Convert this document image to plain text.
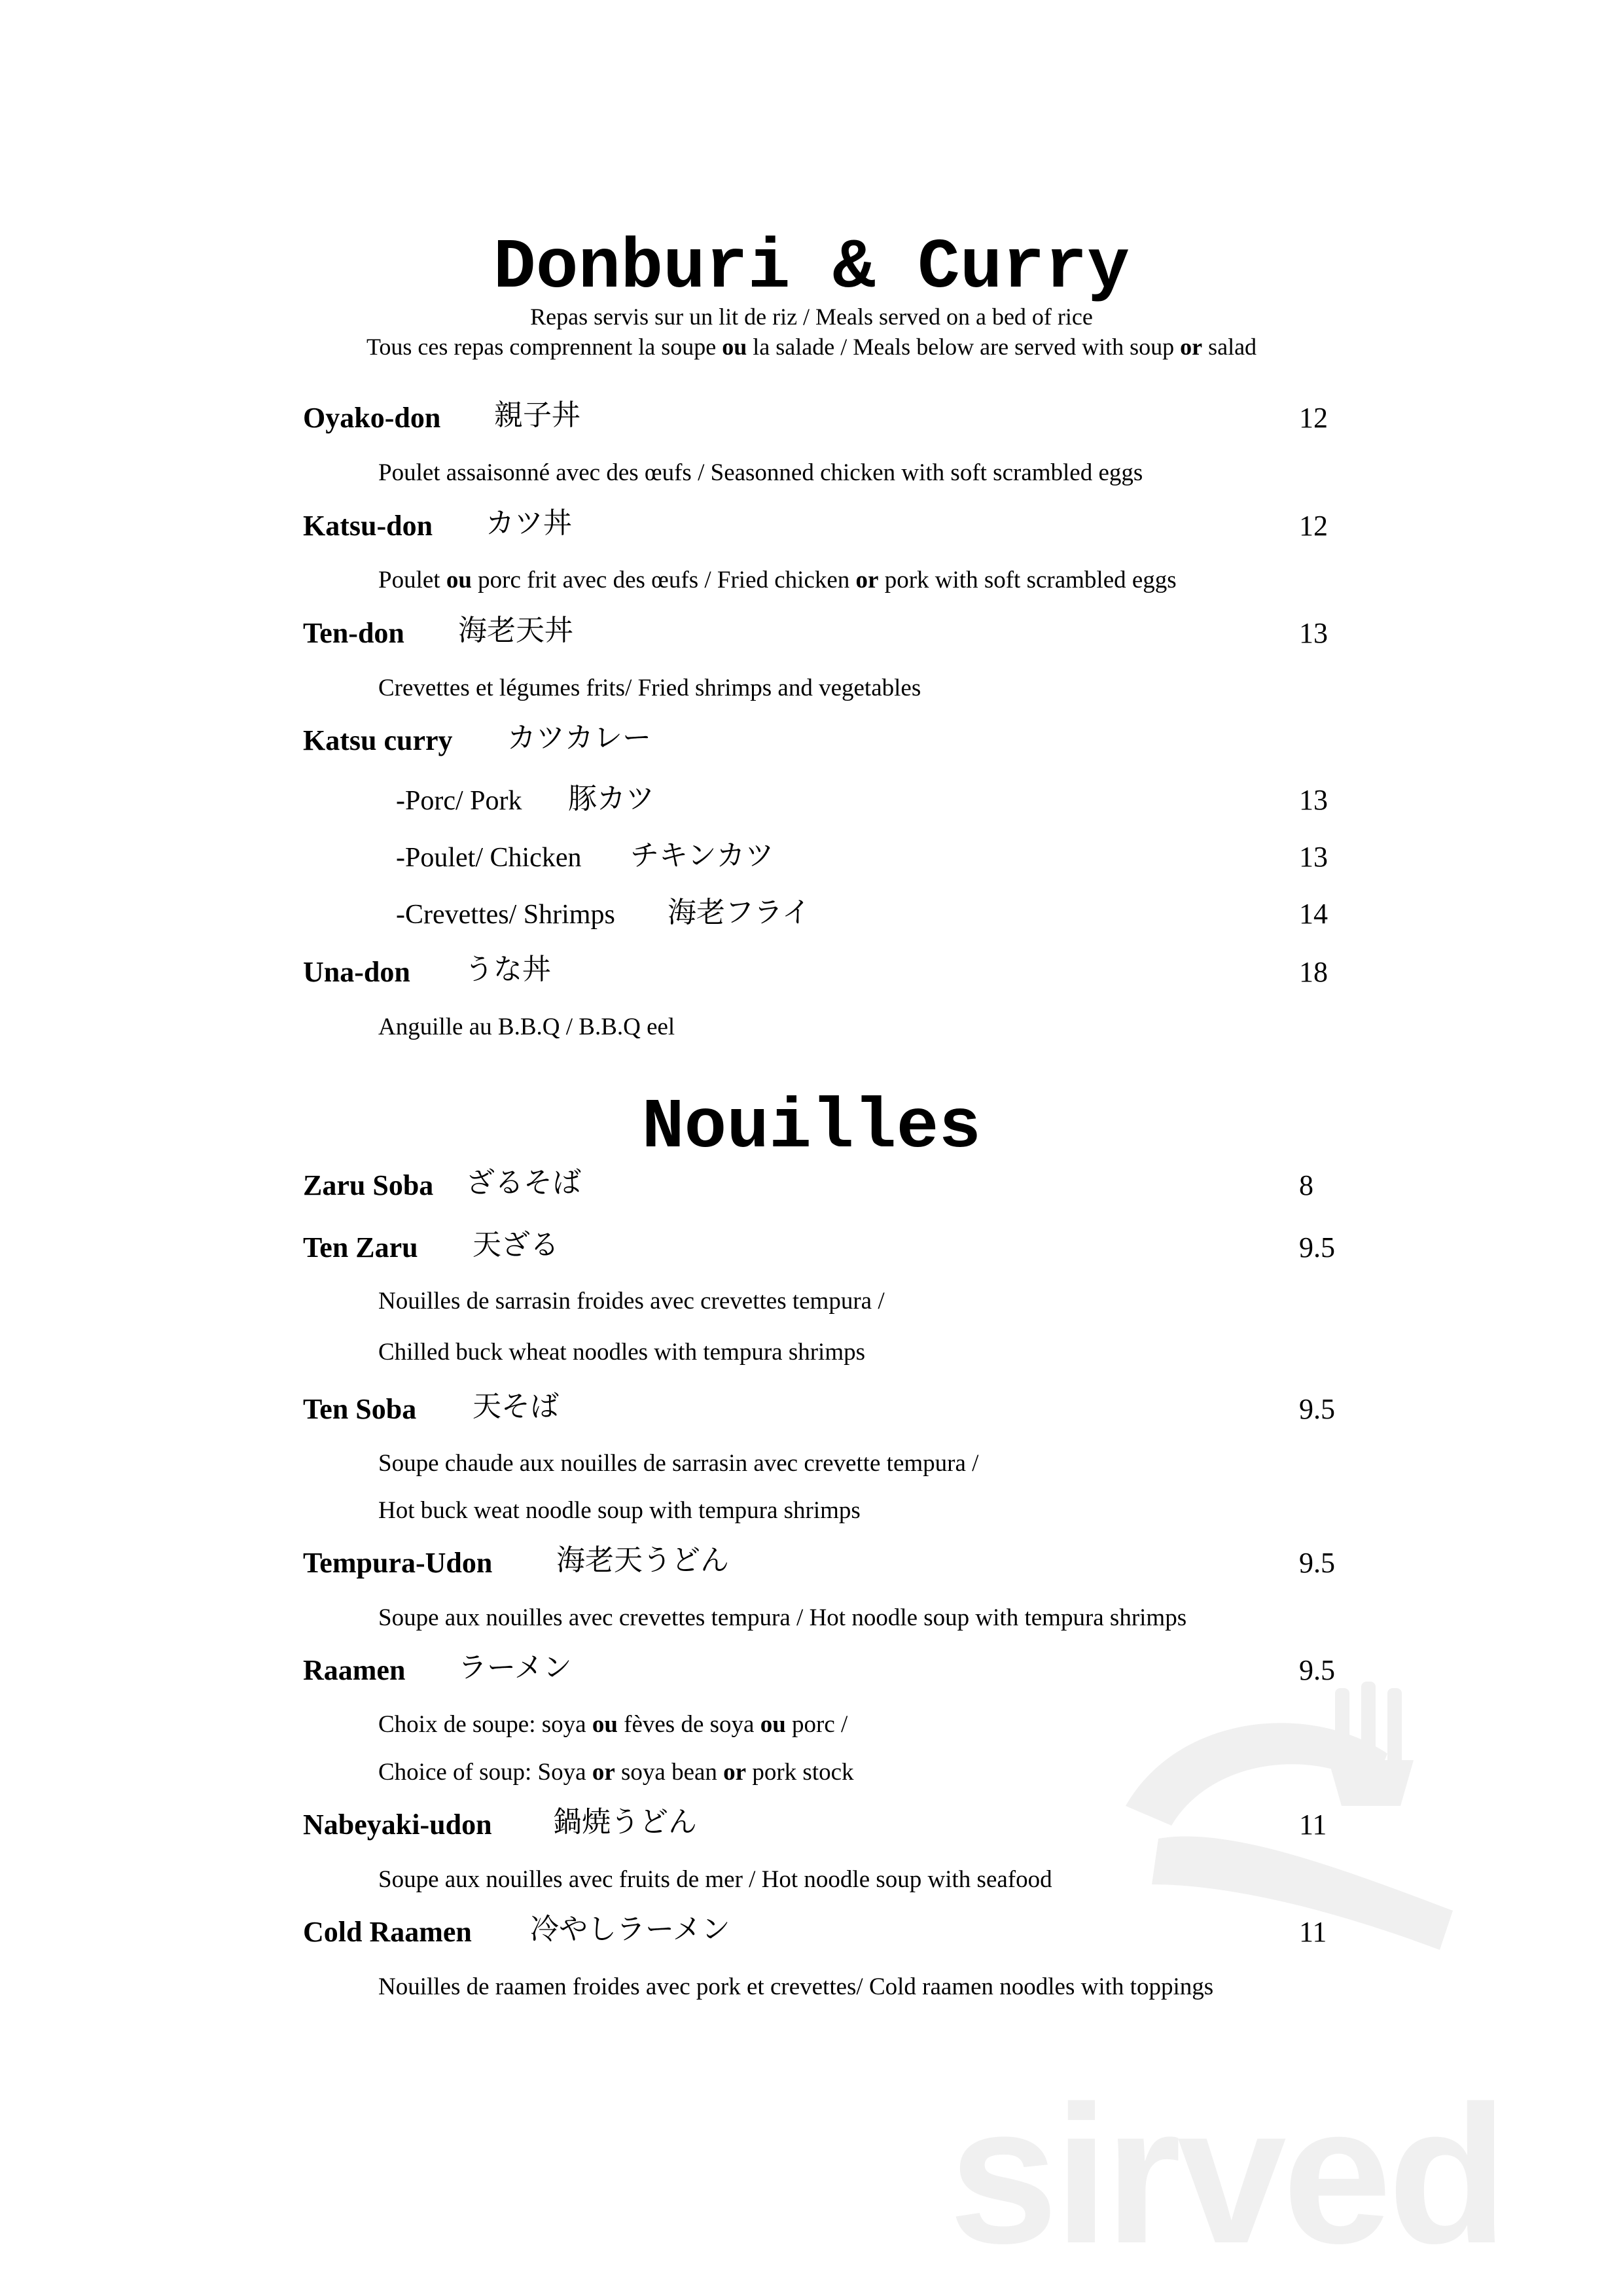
sirved
Donburi & Curry
Repas servis sur un lit de riz / Meals served on a bed of rice
Tous ces repas comprennent la soupe ou la salade / Meals below are served with soup or salad
Oyako-don 親子丼	12
Poulet assaisonné avec des œufs / Seasonned chicken with soft scrambled eggs
Katsu-don カツ丼	12
Poulet ou porc frit avec des œufs / Fried chicken or pork with soft scrambled eggs
Ten-don 海老天丼	13
Crevettes et légumes frits/ Fried shrimps and vegetables
Katsu curry カツカレー
-Porc/ Pork 豚カツ	13
-Poulet/ Chicken チキンカツ	13
-Crevettes/ Shrimps 海老フライ	14
Una-don うな丼	18
Anguille au B.B.Q / B.B.Q eel
Nouilles
Zaru Soba ざるそば	8
Ten Zaru 天ざる	9.5
Nouilles de sarrasin froides avec crevettes tempura /
Chilled buck wheat noodles with tempura shrimps
Ten Soba 天そば	9.5
Soupe chaude aux nouilles de sarrasin avec crevette tempura /
Hot buck weat noodle soup with tempura shrimps
Tempura-Udon 海老天うどん	9.5
Soupe aux nouilles avec crevettes tempura / Hot noodle soup with tempura shrimps
Raamen ラーメン	9.5
Choix de soupe: soya ou fèves de soya ou porc /
Choice of soup: Soya or soya bean or pork stock
Nabeyaki-udon 鍋焼うどん	11
Soupe aux nouilles avec fruits de mer / Hot noodle soup with seafood
Cold Raamen 冷やしラーメン	11
Nouilles de raamen froides avec pork et crevettes/ Cold raamen noodles with toppings
